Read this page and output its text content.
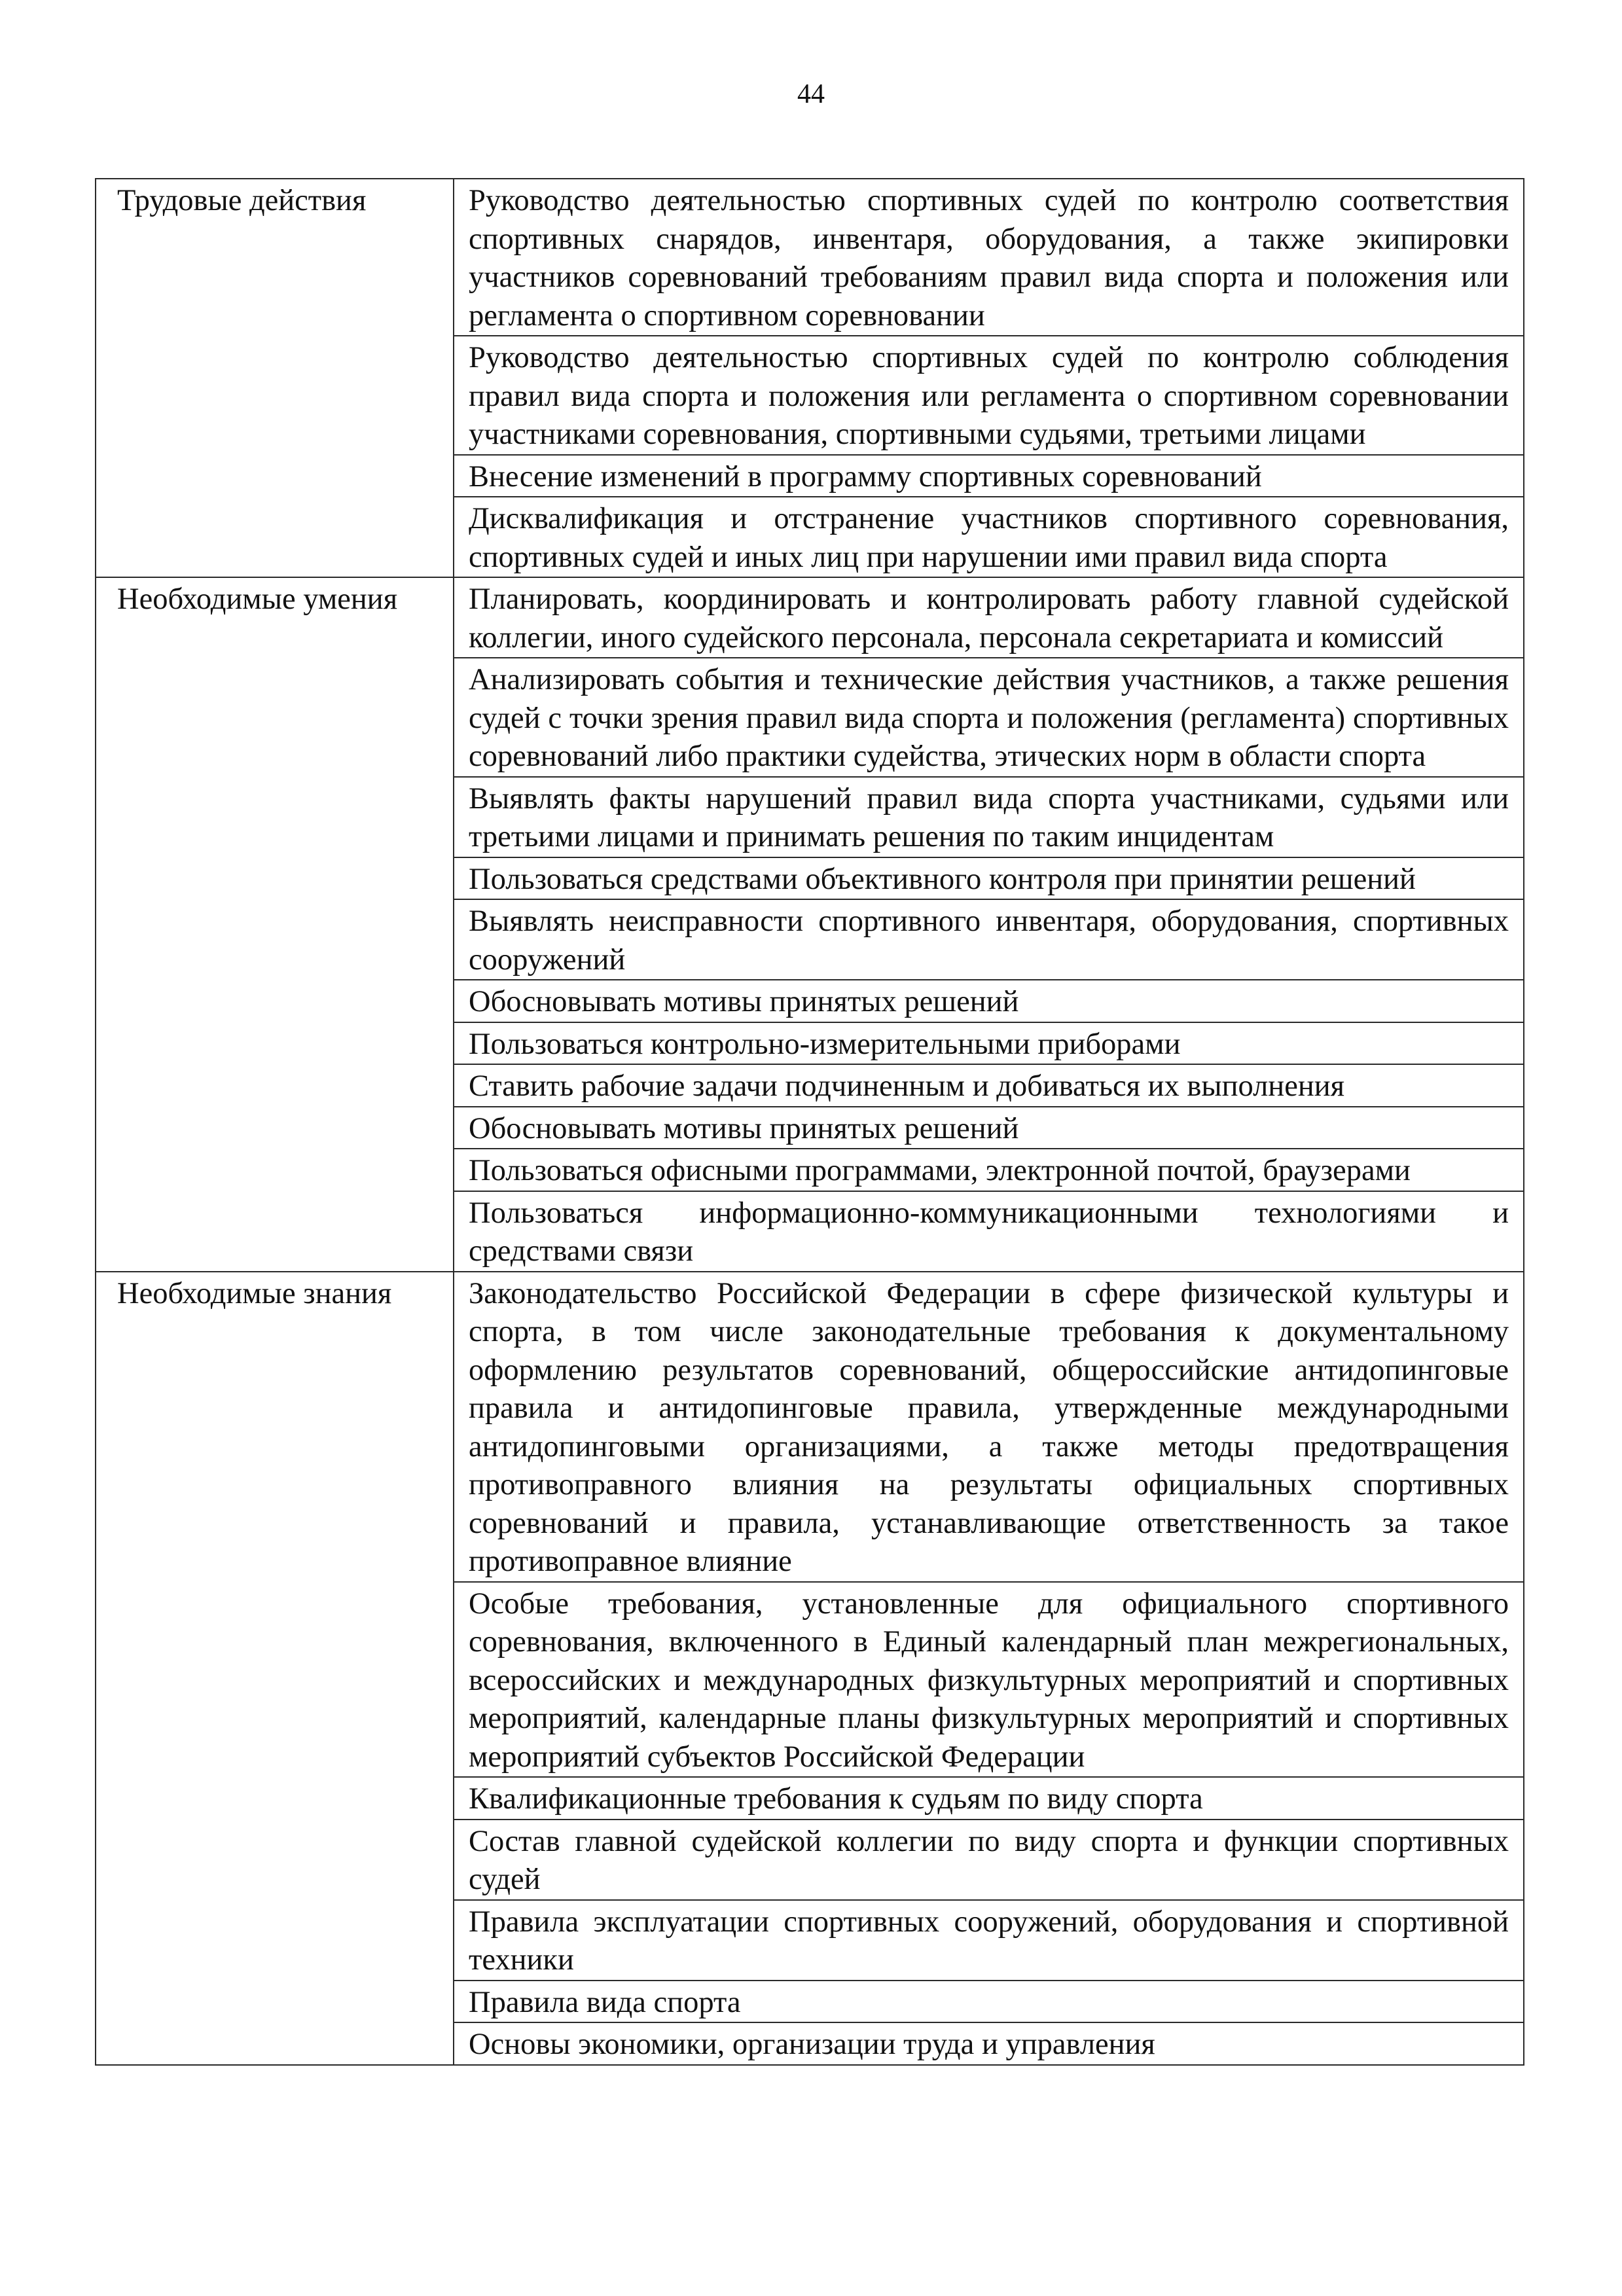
44
Трудовые действия	Руководство деятельностью спортивных судей по контролю соответствия спортивных снарядов, инвентаря, оборудования, а также экипировки участников соревнований требованиям правил вида спорта и положения или регламента о спортивном соревновании
	Руководство деятельностью спортивных судей по контролю соблюдения правил вида спорта и положения или регламента о спортивном соревновании участниками соревнования, спортивными судьями, третьими лицами
	Внесение изменений в программу спортивных соревнований
	Дисквалификация и отстранение участников спортивного соревнования, спортивных судей и иных лиц при нарушении ими правил вида спорта
Необходимые умения	Планировать, координировать и контролировать работу главной судейской коллегии, иного судейского персонала, персонала секретариата и комиссий
	Анализировать события и технические действия участников, а также решения судей с точки зрения правил вида спорта и положения (регламента) спортивных соревнований либо практики судейства, этических норм в области спорта
	Выявлять факты нарушений правил вида спорта участниками, судьями или третьими лицами и принимать решения по таким инцидентам
	Пользоваться средствами объективного контроля при принятии решений
	Выявлять неисправности спортивного инвентаря, оборудования, спортивных сооружений
	Обосновывать мотивы принятых решений
	Пользоваться контрольно-измерительными приборами
	Ставить рабочие задачи подчиненным и добиваться их выполнения
	Обосновывать мотивы принятых решений
	Пользоваться офисными программами, электронной почтой, браузерами
	Пользоваться информационно-коммуникационными технологиями и средствами связи
Необходимые знания	Законодательство Российской Федерации в сфере физической культуры и спорта, в том числе законодательные требования к документальному оформлению результатов соревнований, общероссийские антидопинговые правила и антидопинговые правила, утвержденные международными антидопинговыми организациями, а также методы предотвращения противоправного влияния на результаты официальных спортивных соревнований и правила, устанавливающие ответственность за такое противоправное влияние
	Особые требования, установленные для официального спортивного соревнования, включенного в Единый календарный план межрегиональных, всероссийских и международных физкультурных мероприятий и спортивных мероприятий, календарные планы физкультурных мероприятий и спортивных мероприятий субъектов Российской Федерации
	Квалификационные требования к судьям по виду спорта
	Состав главной судейской коллегии по виду спорта и функции спортивных судей
	Правила эксплуатации спортивных сооружений, оборудования и спортивной техники
	Правила вида спорта
	Основы экономики, организации труда и управления
